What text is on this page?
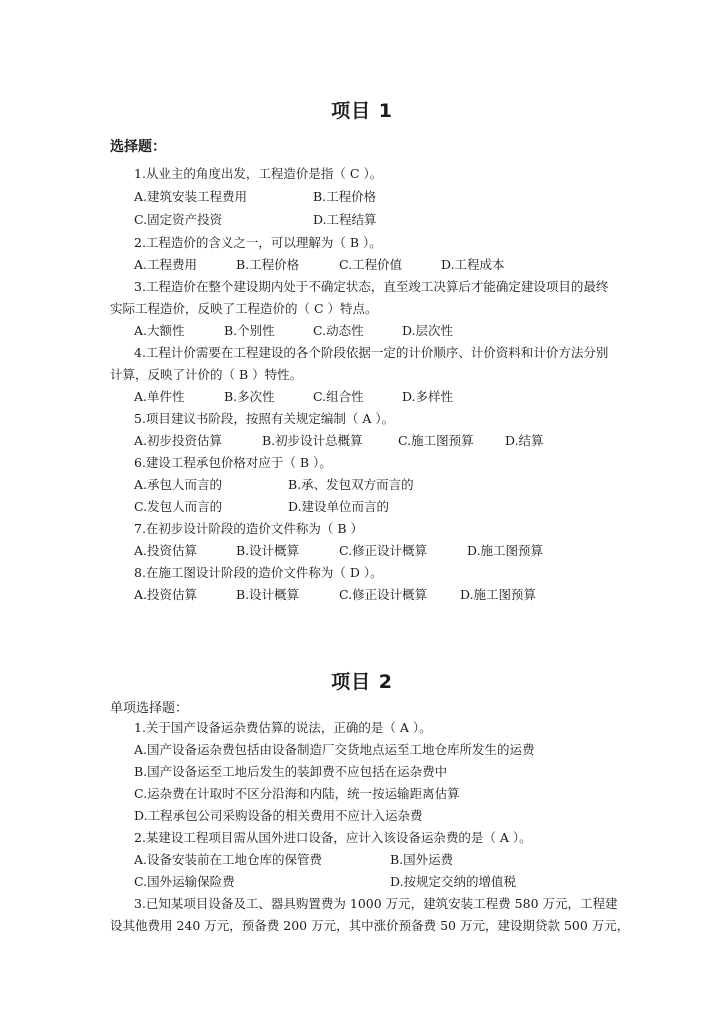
项目 1
选择题：
1.从业主的角度出发，工程造价是指（ C ）。
A.建筑安装工程费用	B.工程价格
C.固定资产投资	D.工程结算
2.工程造价的含义之一，可以理解为（ B ）。
A.工程费用	B.工程价格	C.工程价值	D.工程成本
3.工程造价在整个建设期内处于不确定状态，直至竣工决算后才能确定建设项目的最终
实际工程造价，反映了工程造价的（ C ）特点。
A.大额性	B.个别性	C.动态性	D.层次性
4.工程计价需要在工程建设的各个阶段依据一定的计价顺序、计价资料和计价方法分别
计算，反映了计价的（ B ）特性。
A.单件性	B.多次性	C.组合性	D.多样性
5.项目建议书阶段，按照有关规定编制（ A ）。
A.初步投资估算	B.初步设计总概算	C.施工图预算	D.结算
6.建设工程承包价格对应于（ B ）。
A.承包人而言的	B.承、发包双方而言的
C.发包人而言的	D.建设单位而言的
7.在初步设计阶段的造价文件称为（ B ）
A.投资估算	B.设计概算	C.修正设计概算	D.施工图预算
8.在施工图设计阶段的造价文件称为（ D ）。
A.投资估算	B.设计概算	C.修正设计概算	D.施工图预算
项目 2
单项选择题：
1.关于国产设备运杂费估算的说法，正确的是（ A ）。
A.国产设备运杂费包括由设备制造厂交货地点运至工地仓库所发生的运费
B.国产设备运至工地后发生的装卸费不应包括在运杂费中
C.运杂费在计取时不区分沿海和内陆，统一按运输距离估算
D.工程承包公司采购设备的相关费用不应计入运杂费
2.某建设工程项目需从国外进口设备，应计入该设备运杂费的是（ A ）。
A.设备安装前在工地仓库的保管费	B.国外运费
C.国外运输保险费	D.按规定交纳的增值税
3.已知某项目设备及工、器具购置费为 1000 万元，建筑安装工程费 580 万元，工程建
设其他费用 240 万元，预备费 200 万元，其中涨价预备费 50 万元，建设期贷款 500 万元，
